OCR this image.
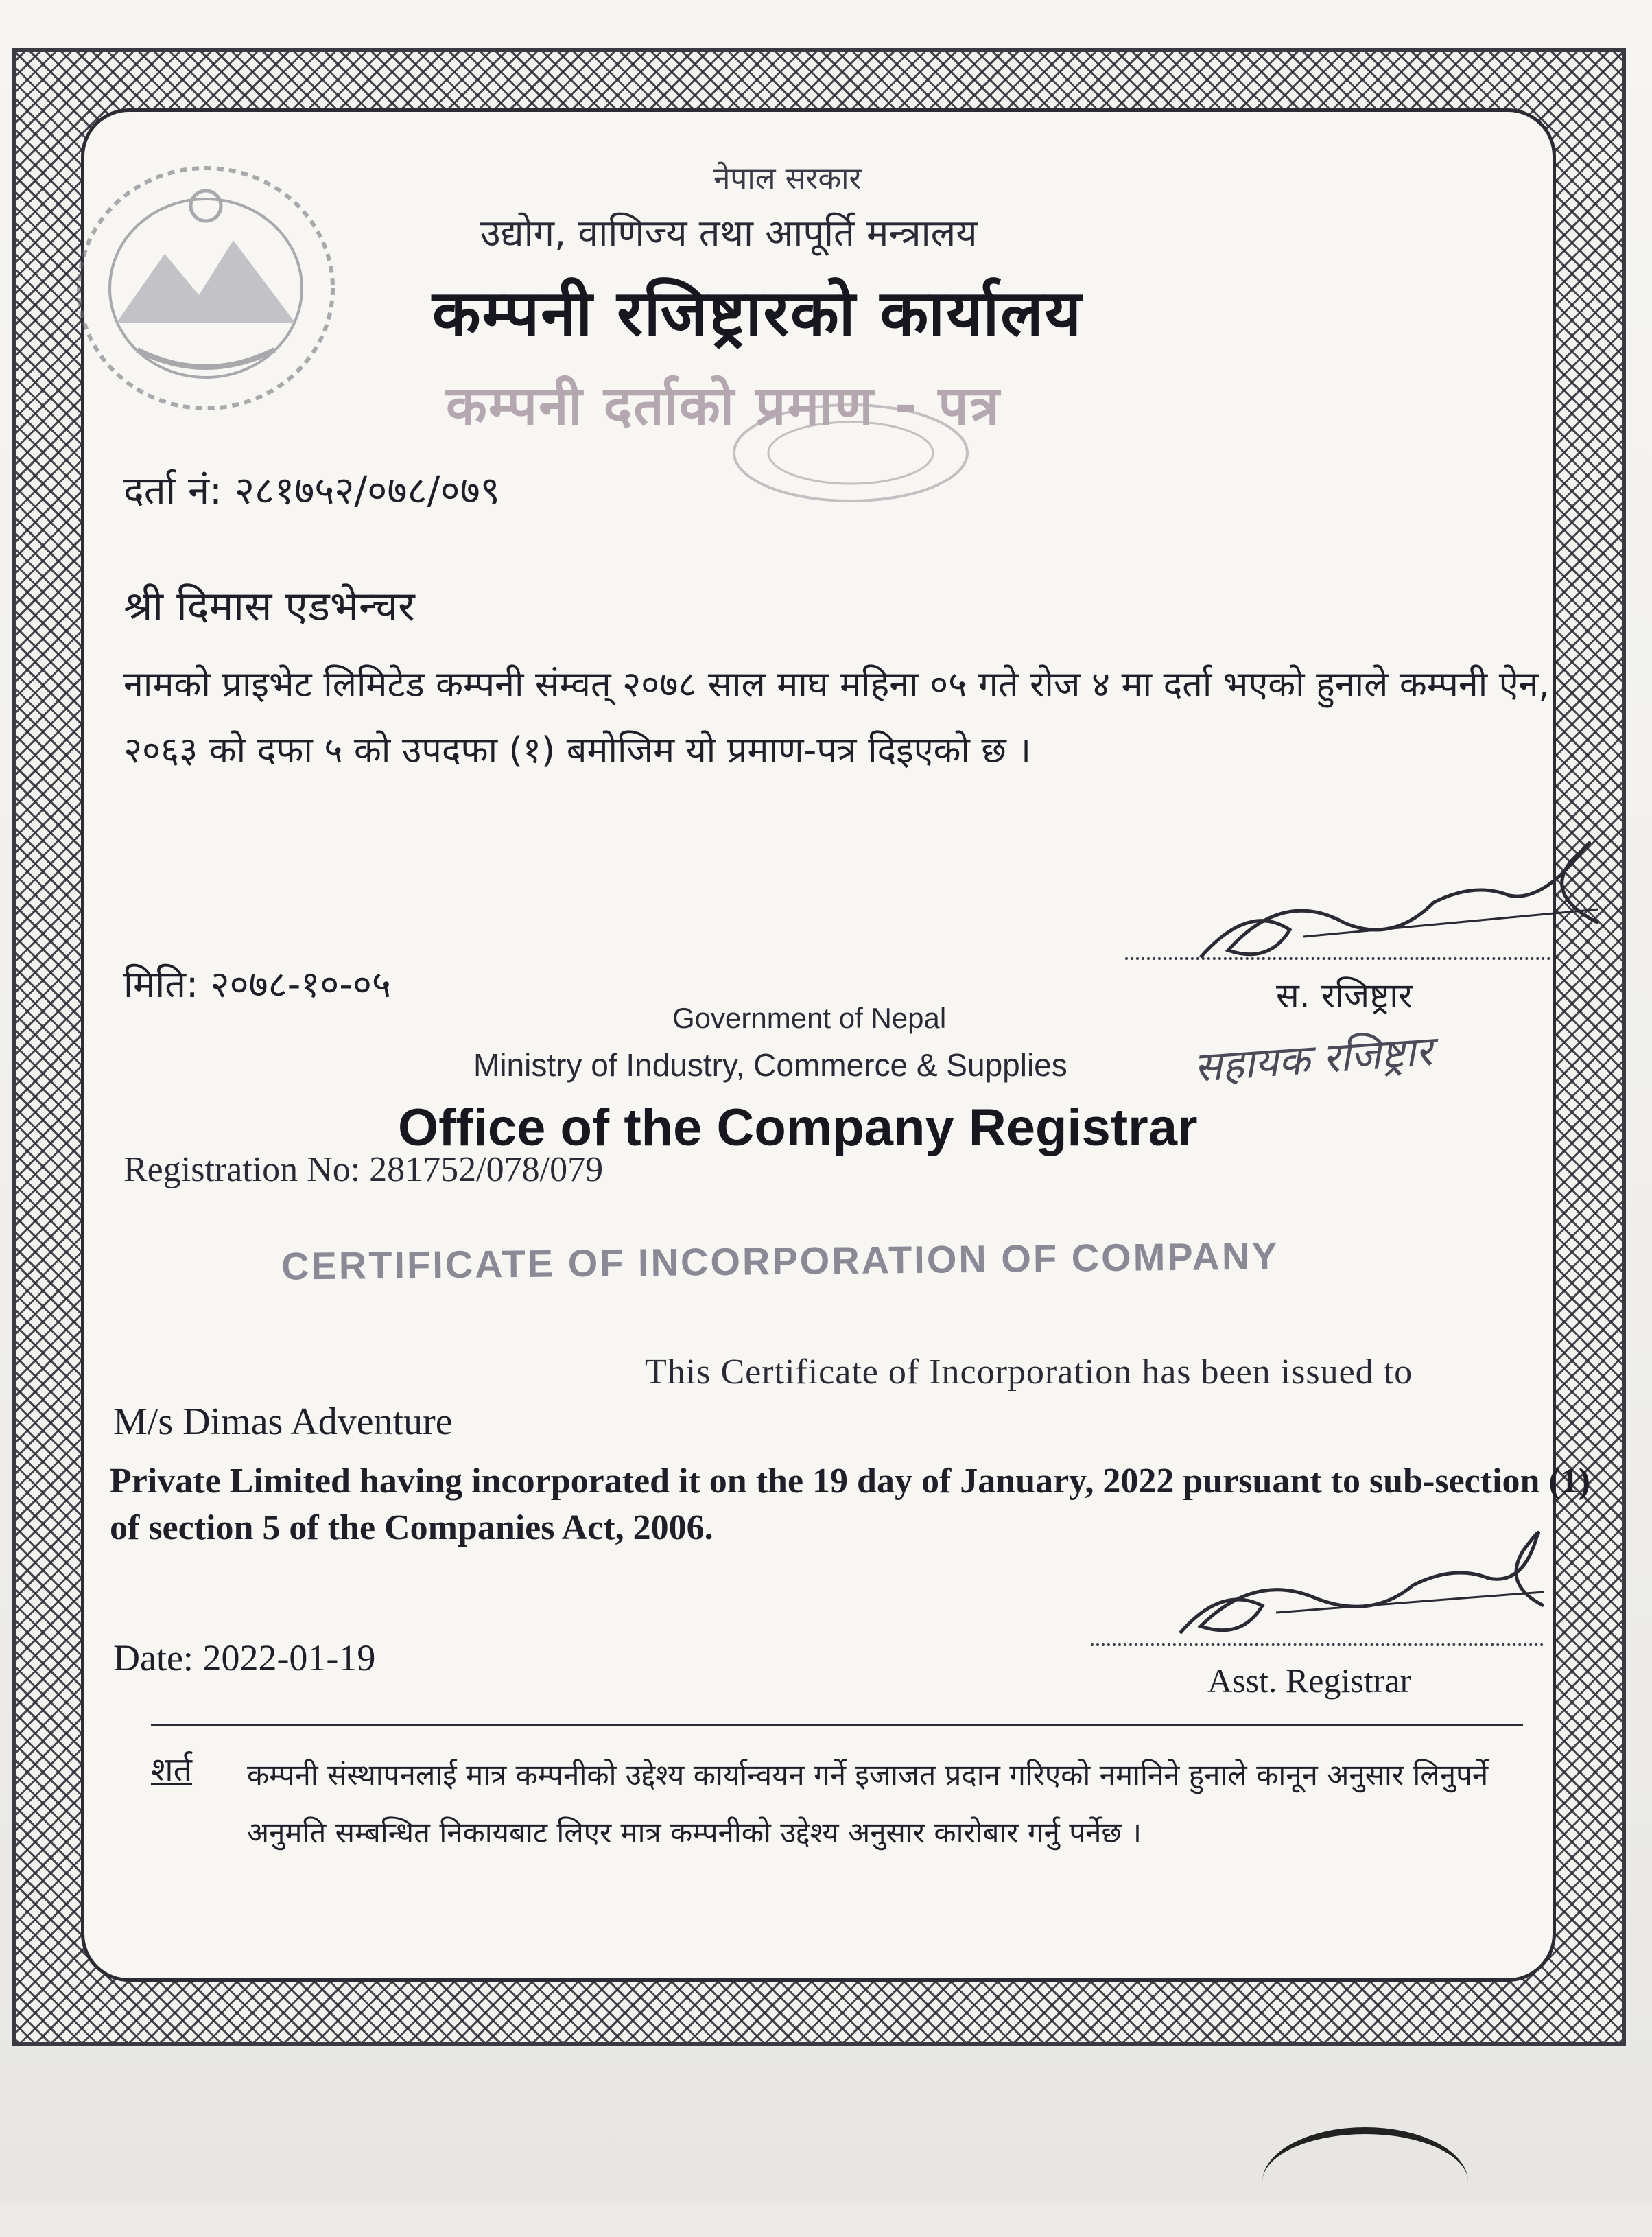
नेपाल सरकार
उद्योग, वाणिज्य तथा आपूर्ति मन्त्रालय
कम्पनी रजिष्ट्रारको कार्यालय
कम्पनी दर्ताको प्रमाण - पत्र
दर्ता नं: २८१७५२/०७८/०७९
श्री दिमास एडभेन्चर
नामको प्राइभेट लिमिटेड कम्पनी संम्वत् २०७८ साल माघ महिना ०५ गते रोज ४ मा दर्ता भएको हुनाले कम्पनी ऐन, २०६३ को दफा ५ को उपदफा (१) बमोजिम यो प्रमाण-पत्र दिइएको छ ।
मिति: २०७८-१०-०५	स. रजिष्ट्रार
सहायक रजिष्ट्रार
Government of Nepal
Ministry of Industry, Commerce & Supplies
Office of the Company Registrar
Registration No: 281752/078/079
CERTIFICATE OF INCORPORATION OF COMPANY
This Certificate of Incorporation has been issued to
M/s Dimas Adventure
Private Limited having incorporated it on the 19 day of January, 2022 pursuant to sub-section (1) of section 5 of the Companies Act, 2006.
Date: 2022-01-19
Asst. Registrar
शर्त कम्पनी संस्थापनलाई मात्र कम्पनीको उद्देश्य कार्यान्वयन गर्ने इजाजत प्रदान गरिएको नमानिने हुनाले कानून अनुसार लिनुपर्ने अनुमति सम्बन्धित निकायबाट लिएर मात्र कम्पनीको उद्देश्य अनुसार कारोबार गर्नु पर्नेछ ।
